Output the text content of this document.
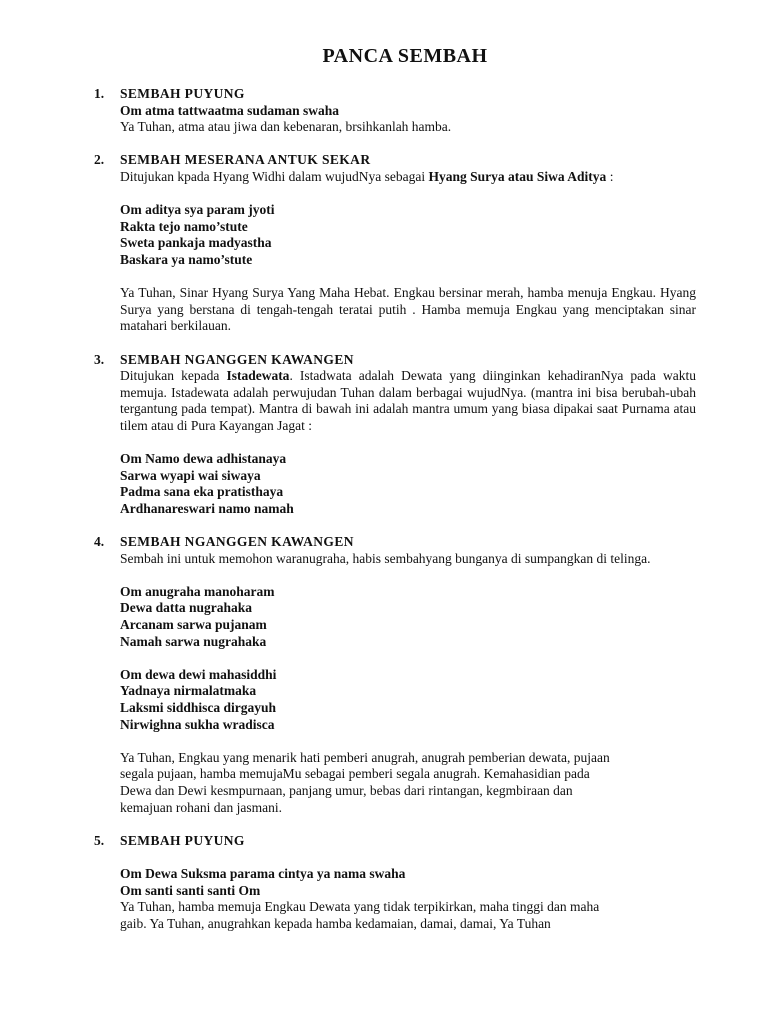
PANCA SEMBAH
1. SEMBAH PUYUNG
Om atma tattwaatma sudaman swaha
Ya Tuhan, atma atau jiwa dan kebenaran, brsihkanlah hamba.
2. SEMBAH MESERANA ANTUK SEKAR
Ditujukan kpada Hyang Widhi dalam wujudNya sebagai Hyang Surya atau Siwa Aditya :
Om aditya sya param jyoti
Rakta tejo namo’stute
Sweta pankaja madyastha
Baskara ya namo’stute
Ya Tuhan, Sinar Hyang Surya Yang Maha Hebat. Engkau bersinar merah, hamba menuja Engkau. Hyang Surya yang berstana di tengah-tengah teratai putih . Hamba memuja Engkau yang menciptakan sinar matahari berkilauan.
3. SEMBAH NGANGGEN KAWANGEN
Ditujukan kepada Istadewata. Istadwata adalah Dewata yang diinginkan kehadiranNya pada waktu memuja. Istadewata adalah perwujudan Tuhan dalam berbagai wujudNya. (mantra ini bisa berubah-ubah tergantung pada tempat). Mantra di bawah ini adalah mantra umum yang biasa dipakai saat Purnama atau tilem atau di Pura Kayangan Jagat :
Om Namo dewa adhistanaya
Sarwa wyapi wai siwaya
Padma sana eka pratisthaya
Ardhanareswari namo namah
4. SEMBAH NGANGGEN KAWANGEN
Sembah ini untuk memohon waranugraha, habis sembahyang bunganya di sumpangkan di telinga.
Om anugraha manoharam
Dewa datta nugrahaka
Arcanam sarwa pujanam
Namah sarwa nugrahaka
Om dewa dewi mahasiddhi
Yadnaya nirmalatmaka
Laksmi siddhisca dirgayuh
Nirwighna sukha wradisca
Ya Tuhan, Engkau yang menarik hati pemberi anugrah, anugrah pemberian dewata, pujaan
segala pujaan, hamba memujaMu sebagai pemberi segala anugrah. Kemahasidian pada
Dewa dan Dewi kesmpurnaan, panjang umur, bebas dari rintangan, kegmbiraan dan
kemajuan rohani dan jasmani.
5. SEMBAH PUYUNG
Om Dewa Suksma parama cintya ya nama swaha
Om santi santi santi Om
Ya Tuhan, hamba memuja Engkau Dewata yang tidak terpikirkan, maha tinggi dan maha
gaib. Ya Tuhan, anugrahkan kepada hamba kedamaian, damai, damai, Ya Tuhan
